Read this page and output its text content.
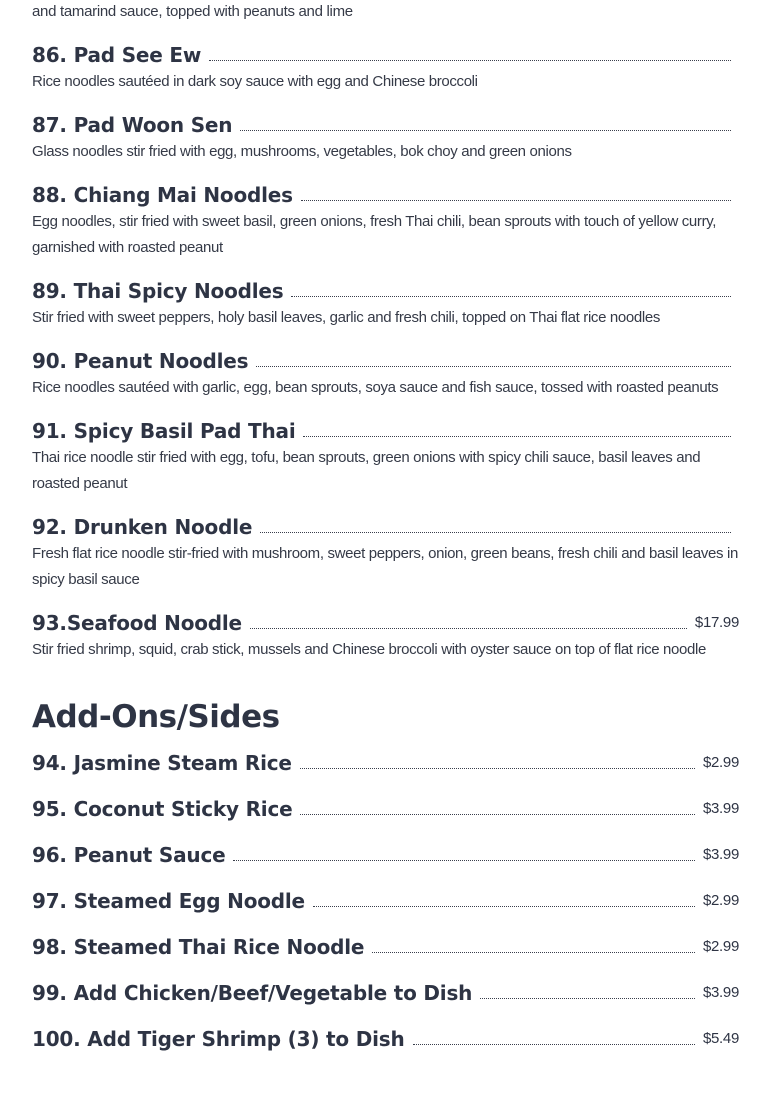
and tamarind sauce, topped with peanuts and lime
86. Pad See Ew
Rice noodles sautéed in dark soy sauce with egg and Chinese broccoli
87. Pad Woon Sen
Glass noodles stir fried with egg, mushrooms, vegetables, bok choy and green onions
88. Chiang Mai Noodles
Egg noodles, stir fried with sweet basil, green onions, fresh Thai chili, bean sprouts with touch of yellow curry, garnished with roasted peanut
89. Thai Spicy Noodles
Stir fried with sweet peppers, holy basil leaves, garlic and fresh chili, topped on Thai flat rice noodles
90. Peanut Noodles
Rice noodles sautéed with garlic, egg, bean sprouts, soya sauce and fish sauce, tossed with roasted peanuts
91. Spicy Basil Pad Thai
Thai rice noodle stir fried with egg, tofu, bean sprouts, green onions with spicy chili sauce, basil leaves and roasted peanut
92. Drunken Noodle
Fresh flat rice noodle stir-fried with mushroom, sweet peppers, onion, green beans, fresh chili and basil leaves in spicy basil sauce
93.Seafood Noodle	$17.99
Stir fried shrimp, squid, crab stick, mussels and Chinese broccoli with oyster sauce on top of flat rice noodle
Add-Ons/Sides
94. Jasmine Steam Rice	$2.99
95. Coconut Sticky Rice	$3.99
96. Peanut Sauce	$3.99
97. Steamed Egg Noodle	$2.99
98. Steamed Thai Rice Noodle	$2.99
99. Add Chicken/Beef/Vegetable to Dish	$3.99
100. Add Tiger Shrimp (3) to Dish	$5.49
